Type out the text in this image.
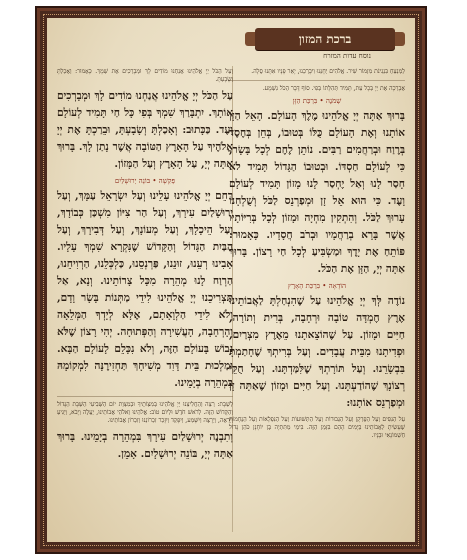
ברכת המזון
נוסח עדות המזרח

לַמְנַצֵּחַ בִּנְגִינֹת מִזְמוֹר שִׁיר. אֱלֹהִים יְחָנֵּנוּ וִיבָרְכֵנוּ, יָאֵר פָּנָיו אִתָּנוּ סֶלָה.

אֲבָרְכָה אֶת יְיָ בְּכָל עֵת, תָּמִיד תְּהִלָּתוֹ בְּפִי. סוֹף דָּבָר הַכֹּל נִשְׁמָע.

שְׁמֹנֶה • בִּרְכַּת הַזָּן

בָּרוּךְ אַתָּה יְיָ אֱלֹהֵינוּ מֶלֶךְ הָעוֹלָם. הָאֵל הַזָּן אוֹתָנוּ וְאֶת הָעוֹלָם כֻּלּוֹ בְּטוּבוֹ, בְּחֵן בְּחֶסֶד בְּרֶוַח וּבְרַחֲמִים רַבִּים. נוֹתֵן לֶחֶם לְכָל בָּשָׂר, כִּי לְעוֹלָם חַסְדּוֹ. וּבְטוּבוֹ הַגָּדוֹל תָּמִיד לֹא חָסַר לָנוּ וְאַל יֶחְסַר לָנוּ מָזוֹן תָּמִיד לְעוֹלָם וָעֶד. כִּי הוּא אֵל זָן וּמְפַרְנֵס לַכֹּל וְשֻׁלְחָנוֹ עָרוּךְ לַכֹּל. וְהִתְקִין מִחְיָה וּמָזוֹן לְכָל בְּרִיּוֹתָיו אֲשֶׁר בָּרָא בְרַחֲמָיו וּבְרֹב חֲסָדָיו. כָּאָמוּר: פּוֹתֵחַ אֶת יָדֶךָ וּמַשְׂבִּיעַ לְכָל חַי רָצוֹן. בָּרוּךְ אַתָּה יְיָ, הַזָּן אֶת הַכֹּל.

הוֹדָאָה • בִּרְכַּת הָאָרֶץ

נוֹדֶה לְּךָ יְיָ אֱלֹהֵינוּ עַל שֶׁהִנְחַלְתָּ לַאֲבוֹתֵינוּ אֶרֶץ חֶמְדָּה טוֹבָה וּרְחָבָה, בְּרִית וְתוֹרָה, חַיִּים וּמָזוֹן. עַל שֶׁהוֹצֵאתָנוּ מֵאֶרֶץ מִצְרַיִם, וּפְדִיתָנוּ מִבֵּית עֲבָדִים. וְעַל בְּרִיתְךָ שֶׁחָתַמְתָּ בִּבְשָׂרֵנוּ. וְעַל תּוֹרָתְךָ שֶׁלִּמַּדְתָּנוּ. וְעַל חֻקֵּי רְצוֹנָךְ שֶׁהוֹדַעְתָּנוּ. וְעַל חַיִּים וּמָזוֹן שֶׁאַתָּה זָן וּמְפַרְנֵס אוֹתָנוּ:

עַל הַנִּסִּים וְעַל הַפֻּרְקָן וְעַל הַגְּבוּרוֹת וְעַל הַתְּשׁוּעוֹת וְעַל הַנִּפְלָאוֹת וְעַל הַנֶּחָמוֹת שֶׁעָשִׂיתָ לַאֲבוֹתֵינוּ בַּיָּמִים הָהֵם בִּזְּמַן הַזֶּה. בִּימֵי מַתִּתְיָה בֶּן יוֹחָנָן כֹּהֵן גָּדוֹל חַשְׁמוֹנָאִי וּבָנָיו.

וְעַל הַכֹּל יְיָ אֱלֹהֵינוּ אֲנַחְנוּ מוֹדִים לָךְ וּמְבָרְכִים אֶת שְׁמָךְ. כָּאָמוּר: וְאָכַלְתָּ וְשָׂבָעְתָּ.

עַל הַכֹּל יְיָ אֱלֹהֵינוּ אֲנַחְנוּ מוֹדִים לָךְ וּמְבָרְכִים אוֹתָךְ. יִתְבָּרַךְ שִׁמְךָ בְּפִי כָּל חַי תָּמִיד לְעוֹלָם וָעֶד. כַּכָּתוּב: וְאָכַלְתָּ וְשָׂבָעְתָּ, וּבֵרַכְתָּ אֶת יְיָ אֱלֹהֶיךָ עַל הָאָרֶץ הַטּוֹבָה אֲשֶׁר נָתַן לָךְ. בָּרוּךְ אַתָּה יְיָ, עַל הָאָרֶץ וְעַל הַמָּזוֹן.

פְּקִשָׁה • בּוֹנֵה יְרוּשָׁלַיִם

רַחֵם יְיָ אֱלֹהֵינוּ עָלֵינוּ וְעַל יִשְׂרָאֵל עַמָּךְ, וְעַל יְרוּשָׁלַיִם עִירָךְ, וְעַל הַר צִיּוֹן מִשְׁכַּן כְּבוֹדָךְ, וְעַל הֵיכָלָךְ, וְעַל מְעוֹנָךְ, וְעַל דְּבִירָךְ, וְעַל הַבַּיִת הַגָּדוֹל וְהַקָּדוֹשׁ שֶׁנִּקְרָא שִׁמְךָ עָלָיו. אָבִינוּ רְעֵנוּ, זוּנֵנוּ, פַּרְנְסֵנוּ, כַּלְכְּלֵנוּ, הַרְוִיחֵנוּ, הַרְוַח לָנוּ מְהֵרָה מִכָּל צָרוֹתֵינוּ. וְנָא, אַל תַּצְרִיכֵנוּ יְיָ אֱלֹהֵינוּ לִידֵי מַתְּנוֹת בָּשָׂר וָדָם, וְלֹא לִידֵי הַלְוָאָתָם, אֶלָּא לְיָדְךָ הַמְּלֵאָה וְהָרְחָבָה, הָעֲשִׁירָה וְהַפְּתוּחָה. יְהִי רָצוֹן שֶׁלֹּא נֵבוֹשׁ בָּעוֹלָם הַזֶּה, וְלֹא נִכָּלֵם לָעוֹלָם הַבָּא. וּמַלְכוּת בֵּית דָּוִד מְשִׁיחָךְ תַּחְזִירֶנָּה לִמְקוֹמָהּ בִּמְהֵרָה בְיָמֵינוּ.

לְשַׁבָּת: רְצֵה וְהַחֲלִיצֵנוּ יְיָ אֱלֹהֵינוּ בְּמִצְוֹתֶיךָ וּבְמִצְוַת יוֹם הַשְּׁבִיעִי הַשַּׁבָּת הַגָּדוֹל וְהַקָּדוֹשׁ הַזֶּה. לְרֹאשׁ חֹדֶשׁ וּלְיוֹם טוֹב: אֱלֹהֵינוּ וֵאלֹהֵי אֲבוֹתֵינוּ, יַעֲלֶה וְיָבֹא, וְיַגִּיעַ וְיֵרָאֶה, וְיֵרָצֶה וְיִשָּׁמַע, וְיִפָּקֵד וְיִזָּכֵר זִכְרוֹנֵנוּ וְזִכְרוֹן אֲבוֹתֵינוּ.

וְתִבְנֶה יְרוּשָׁלַיִם עִירָךְ בִּמְהֵרָה בְיָמֵינוּ. בָּרוּךְ אַתָּה יְיָ, בּוֹנֵה יְרוּשָׁלָיִם. אָמֵן.
